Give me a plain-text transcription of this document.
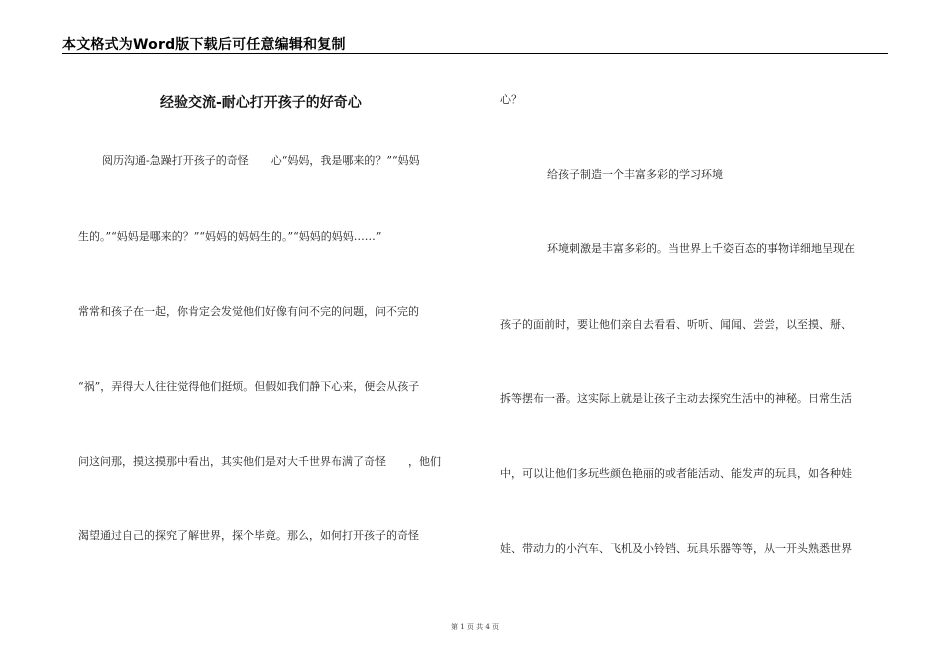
本文格式为Word版下载后可任意编辑和复制
经验交流-耐心打开孩子的好奇心
阅历沟通-急躁打开孩子的奇怪　　心“妈妈，我是哪来的？”“妈妈
生的。”“妈妈是哪来的？”“妈妈的妈妈生的。”“妈妈的妈妈……”
常常和孩子在一起，你肯定会发觉他们好像有问不完的问题，问不完的
“祸”，弄得大人往往觉得他们挺烦。但假如我们静下心来，便会从孩子
问这问那，摸这摸那中看出，其实他们是对大千世界布满了奇怪　　，他们
渴望通过自己的探究了解世界，探个毕竟。那么，如何打开孩子的奇怪
心？
给孩子制造一个丰富多彩的学习环境
环境刺激是丰富多彩的。当世界上千姿百态的事物详细地呈现在
孩子的面前时，要让他们亲自去看看、听听、闻闻、尝尝，以至摸、掰、
拆等摆布一番。这实际上就是让孩子主动去探究生活中的神秘。日常生活
中，可以让他们多玩些颜色艳丽的或者能活动、能发声的玩具，如各种娃
娃、带动力的小汽车、飞机及小铃铛、玩具乐器等等，从一开头熟悉世界
第 1 页 共 4 页
